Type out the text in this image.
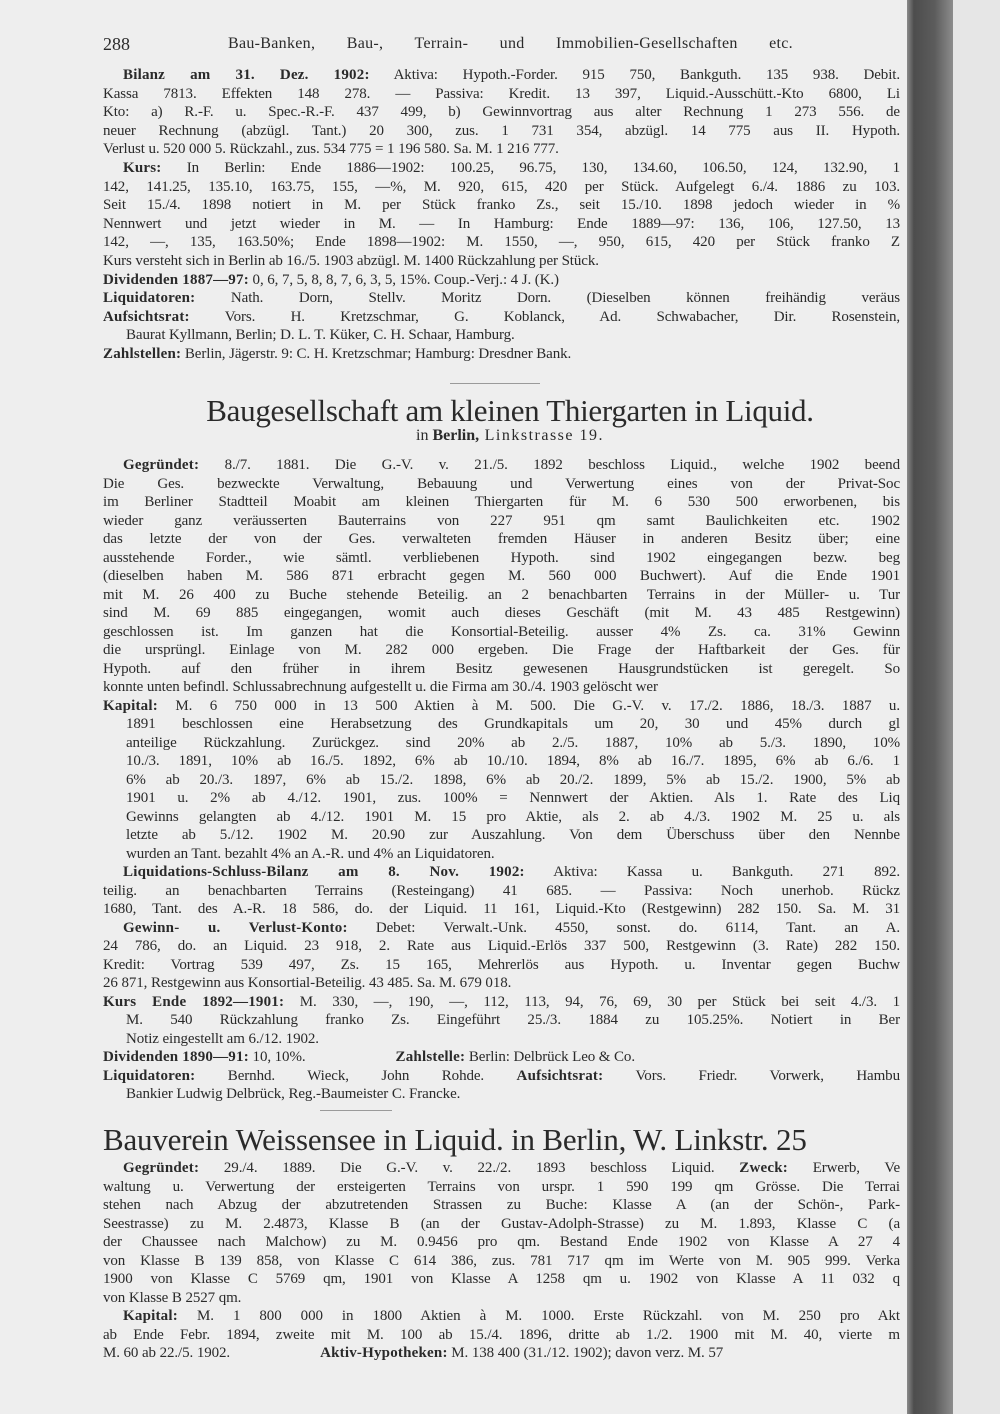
288	Bau-Banken, Bau-, Terrain- und Immobilien-Gesellschaften etc.
Baugesellschaft am kleinen Thiergarten in Liquid.
in Berlin, Linkstrasse 19.
Bauverein Weissensee in Liquid. in Berlin, W. Linkstr. 25
Bilanz am 31. Dez. 1902: Aktiva: Hypoth.-Forder. 915 750, Bankguth. 135 938. Debit.
Kassa 7813. Effekten 148 278. — Passiva: Kredit. 13 397, Liquid.-Ausschütt.-Kto 6800, Li
Kto: a) R.-F. u. Spec.-R.-F. 437 499, b) Gewinnvortrag aus alter Rechnung 1 273 556. de
neuer Rechnung (abzügl. Tant.) 20 300, zus. 1 731 354, abzügl. 14 775 aus II. Hypoth.
Verlust u. 520 000 5. Rückzahl., zus. 534 775 = 1 196 580. Sa. M. 1 216 777.
Kurs: In Berlin: Ende 1886—1902: 100.25, 96.75, 130, 134.60, 106.50, 124, 132.90, 1
142, 141.25, 135.10, 163.75, 155, —%, M. 920, 615, 420 per Stück. Aufgelegt 6./4. 1886 zu 103.
Seit 15./4. 1898 notiert in M. per Stück franko Zs., seit 15./10. 1898 jedoch wieder in %
Nennwert und jetzt wieder in M. — In Hamburg: Ende 1889—97: 136, 106, 127.50, 13
142, —, 135, 163.50%; Ende 1898—1902: M. 1550, —, 950, 615, 420 per Stück franko Z
Kurs versteht sich in Berlin ab 16./5. 1903 abzügl. M. 1400 Rückzahlung per Stück.
Dividenden 1887—97: 0, 6, 7, 5, 8, 8, 7, 6, 3, 5, 15%. Coup.-Verj.: 4 J. (K.)
Liquidatoren: Nath. Dorn, Stellv. Moritz Dorn. (Dieselben können freihändig veräus
Aufsichtsrat: Vors. H. Kretzschmar, G. Koblanck, Ad. Schwabacher, Dir. Rosenstein,
Baurat Kyllmann, Berlin; D. L. T. Küker, C. H. Schaar, Hamburg.
Zahlstellen: Berlin, Jägerstr. 9: C. H. Kretzschmar; Hamburg: Dresdner Bank.
Gegründet: 8./7. 1881. Die G.-V. v. 21./5. 1892 beschloss Liquid., welche 1902 beend
Die Ges. bezweckte Verwaltung, Bebauung und Verwertung eines von der Privat-Soc
im Berliner Stadtteil Moabit am kleinen Thiergarten für M. 6 530 500 erworbenen, bis
wieder ganz veräusserten Bauterrains von 227 951 qm samt Baulichkeiten etc. 1902
das letzte der von der Ges. verwalteten fremden Häuser in anderen Besitz über; eine
ausstehende Forder., wie sämtl. verbliebenen Hypoth. sind 1902 eingegangen bezw. beg
(dieselben haben M. 586 871 erbracht gegen M. 560 000 Buchwert). Auf die Ende 1901
mit M. 26 400 zu Buche stehende Beteilig. an 2 benachbarten Terrains in der Müller- u. Tur
sind M. 69 885 eingegangen, womit auch dieses Geschäft (mit M. 43 485 Restgewinn)
geschlossen ist. Im ganzen hat die Konsortial-Beteilig. ausser 4% Zs. ca. 31% Gewinn
die ursprüngl. Einlage von M. 282 000 ergeben. Die Frage der Haftbarkeit der Ges. für
Hypoth. auf den früher in ihrem Besitz gewesenen Hausgrundstücken ist geregelt. So
konnte unten befindl. Schlussabrechnung aufgestellt u. die Firma am 30./4. 1903 gelöscht wer
Kapital: M. 6 750 000 in 13 500 Aktien à M. 500. Die G.-V. v. 17./2. 1886, 18./3. 1887 u.
1891 beschlossen eine Herabsetzung des Grundkapitals um 20, 30 und 45% durch gl
anteilige Rückzahlung. Zurückgez. sind 20% ab 2./5. 1887, 10% ab 5./3. 1890, 10%
10./3. 1891, 10% ab 16./5. 1892, 6% ab 10./10. 1894, 8% ab 16./7. 1895, 6% ab 6./6. 1
6% ab 20./3. 1897, 6% ab 15./2. 1898, 6% ab 20./2. 1899, 5% ab 15./2. 1900, 5% ab
1901 u. 2% ab 4./12. 1901, zus. 100% = Nennwert der Aktien. Als 1. Rate des Liq
Gewinns gelangten ab 4./12. 1901 M. 15 pro Aktie, als 2. ab 4./3. 1902 M. 25 u. als
letzte ab 5./12. 1902 M. 20.90 zur Auszahlung. Von dem Überschuss über den Nennbe
wurden an Tant. bezahlt 4% an A.-R. und 4% an Liquidatoren.
Liquidations-Schluss-Bilanz am 8. Nov. 1902: Aktiva: Kassa u. Bankguth. 271 892.
teilig. an benachbarten Terrains (Resteingang) 41 685. — Passiva: Noch unerhob. Rückz
1680, Tant. des A.-R. 18 586, do. der Liquid. 11 161, Liquid.-Kto (Restgewinn) 282 150. Sa. M. 31
Gewinn- u. Verlust-Konto: Debet: Verwalt.-Unk. 4550, sonst. do. 6114, Tant. an A.
24 786, do. an Liquid. 23 918, 2. Rate aus Liquid.-Erlös 337 500, Restgewinn (3. Rate) 282 150.
Kredit: Vortrag 539 497, Zs. 15 165, Mehrerlös aus Hypoth. u. Inventar gegen Buchw
26 871, Restgewinn aus Konsortial-Beteilig. 43 485. Sa. M. 679 018.
Kurs Ende 1892—1901: M. 330, —, 190, —, 112, 113, 94, 76, 69, 30 per Stück bei seit 4./3. 1
M. 540 Rückzahlung franko Zs. Eingeführt 25./3. 1884 zu 105.25%. Notiert in Ber
Notiz eingestellt am 6./12. 1902.
Dividenden 1890—91: 10, 10%.	Zahlstelle: Berlin: Delbrück Leo & Co.
Liquidatoren: Bernhd. Wieck, John Rohde. Aufsichtsrat: Vors. Friedr. Vorwerk, Hambu
Bankier Ludwig Delbrück, Reg.-Baumeister C. Francke.
Gegründet: 29./4. 1889. Die G.-V. v. 22./2. 1893 beschloss Liquid. Zweck: Erwerb, Ve
waltung u. Verwertung der ersteigerten Terrains von urspr. 1 590 199 qm Grösse. Die Terrai
stehen nach Abzug der abzutretenden Strassen zu Buche: Klasse A (an der Schön-, Park-
Seestrasse) zu M. 2.4873, Klasse B (an der Gustav-Adolph-Strasse) zu M. 1.893, Klasse C (a
der Chaussee nach Malchow) zu M. 0.9456 pro qm. Bestand Ende 1902 von Klasse A 27 4
von Klasse B 139 858, von Klasse C 614 386, zus. 781 717 qm im Werte von M. 905 999. Verka
1900 von Klasse C 5769 qm, 1901 von Klasse A 1258 qm u. 1902 von Klasse A 11 032 q
von Klasse B 2527 qm.
Kapital: M. 1 800 000 in 1800 Aktien à M. 1000. Erste Rückzahl. von M. 250 pro Akt
ab Ende Febr. 1894, zweite mit M. 100 ab 15./4. 1896, dritte ab 1./2. 1900 mit M. 40, vierte m
M. 60 ab 22./5. 1902.	Aktiv-Hypotheken: M. 138 400 (31./12. 1902); davon verz. M. 57
